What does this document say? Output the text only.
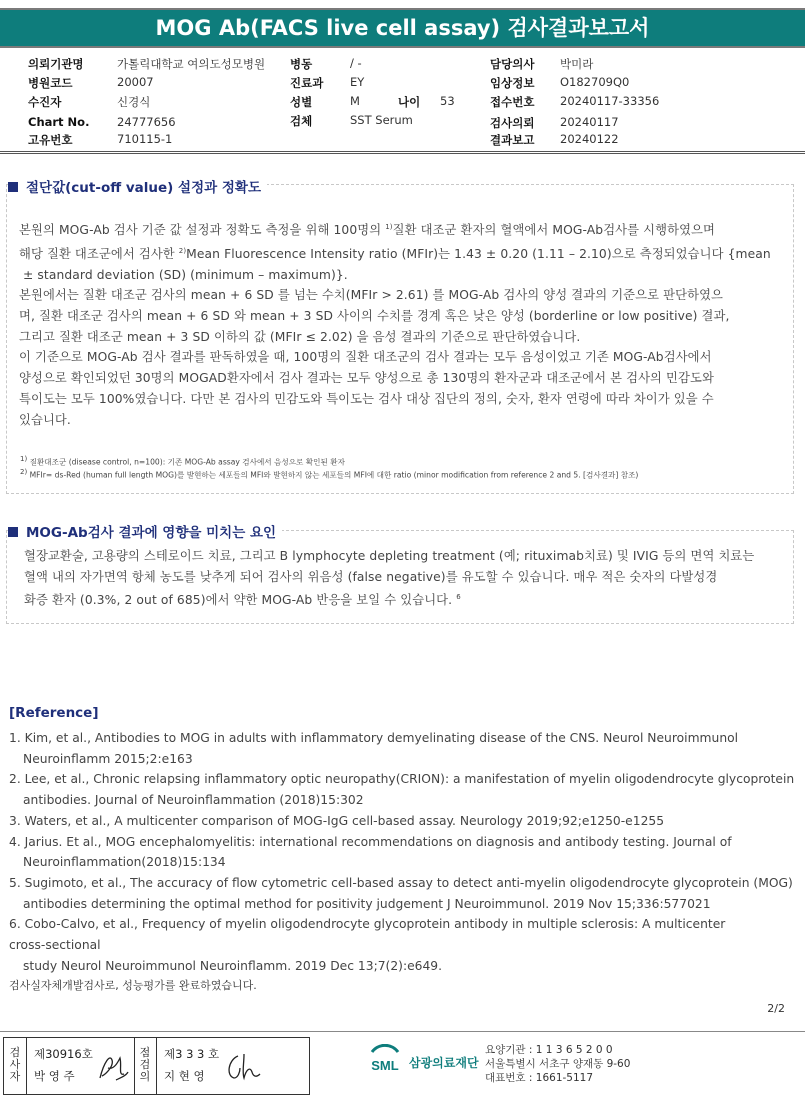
MOG Ab(FACS live cell assay) 검사결과보고서
의뢰기관명	가톨릭대학교 여의도성모병원
병원코드	20007
수진자	신경식
Chart No. 24777656
고유번호	710115-1
병동	/ -
진료과 EY
성별	M	나이 53
검체	SST Serum
담당의사 박미라
임상정보 O182709Q0
접수번호 20240117-33356
검사의뢰 20240117
결과보고 20240122
절단값(cut-off value) 설정과 정확도
본원의 MOG-Ab 검사 기준 값 설정과 정확도 측정을 위해 100명의 $^{1)}$질환 대조군 환자의 혈액에서 MOG-Ab검사를 시행하였으며
해당 질환 대조군에서 검사한 $^{2)}$Mean Fluorescence Intensity ratio (MFIr)는 1.43 ± 0.20 (1.11 – 2.10)으로 측정되었습니다 {mean
± standard deviation (SD) (minimum – maximum)}.
본원에서는 질환 대조군 검사의 mean + 6 SD 를 넘는 수치(MFIr > 2.61) 를 MOG-Ab 검사의 양성 결과의 기준으로 판단하였으
며, 질환 대조군 검사의 mean + 6 SD 와 mean + 3 SD 사이의 수치를 경계 혹은 낮은 양성 (borderline or low positive) 결과,
그리고 질환 대조군 mean + 3 SD 이하의 값 (MFIr ≤ 2.02) 을 음성 결과의 기준으로 판단하였습니다.
이 기준으로 MOG-Ab 검사 결과를 판독하였을 때, 100명의 질환 대조군의 검사 결과는 모두 음성이었고 기존 MOG-Ab검사에서
양성으로 확인되었던 30명의 MOGAD환자에서 검사 결과는 모두 양성으로 총 130명의 환자군과 대조군에서 본 검사의 민감도와
특이도는 모두 100%였습니다. 다만 본 검사의 민감도와 특이도는 검사 대상 집단의 정의, 숫자, 환자 연령에 따라 차이가 있을 수
있습니다.
$^{1)}$ 질환대조군 (disease control, n=100): 기존 MOG-Ab assay 검사에서 음성으로 확인된 환자
$^{2)}$ MFIr= ds-Red (human full length MOG)를 발현하는 세포들의 MFI와 발현하지 않는 세포들의 MFI에 대한 ratio (minor modification from reference 2 and 5. [검사결과] 참조)
MOG-Ab검사 결과에 영향을 미치는 요인
혈장교환술, 고용량의 스테로이드 치료, 그리고 B lymphocyte depleting treatment (예; rituximab치료) 및 IVIG 등의 면역 치료는
혈액 내의 자가면역 항체 농도를 낮추게 되어 검사의 위음성 (false negative)를 유도할 수 있습니다. 매우 적은 숫자의 다발성경
화증 환자 (0.3%, 2 out of 685)에서 약한 MOG-Ab 반응을 보일 수 있습니다. $^6$
[Reference]

1. Kim, et al., Antibodies to MOG in adults with inflammatory demyelinating disease of the CNS. Neurol Neuroimmunol

Neuroinflamm 2015;2:e163

2. Lee, et al., Chronic relapsing inflammatory optic neuropathy(CRION): a manifestation of myelin oligodendrocyte glycoprotein

antibodies. Journal of Neuroinflammation (2018)15:302

3. Waters, et al., A multicenter comparison of MOG-IgG cell-based assay. Neurology 2019;92;e1250-e1255

4. Jarius. Et al., MOG encephalomyelitis: international recommendations on diagnosis and antibody testing. Journal of

Neuroinflammation(2018)15:134

5. Sugimoto, et al., The accuracy of flow cytometric cell-based assay to detect anti-myelin oligodendrocyte glycoprotein (MOG)

antibodies determining the optimal method for positivity judgement J Neuroimmunol. 2019 Nov 15;336:577021

6. Cobo-Calvo, et al., Frequency of myelin oligodendrocyte glycoprotein antibody in multiple sclerosis: A multicenter

cross-sectional

study Neurol Neuroimmunol Neuroinflamm. 2019 Dec 13;7(2):e649.

검사실자체개발검사로, 성능평가를 완료하였습니다.
2/2
검
사
자
제30916호
박 영 주
점
검
의
제3 3 3 호
지 현 영
SML 삼광의료재단
요양기관 : 1 1 3 6 5 2 0 0
서울특별시 서초구 양재동 9-60
대표번호 : 1661-5117
